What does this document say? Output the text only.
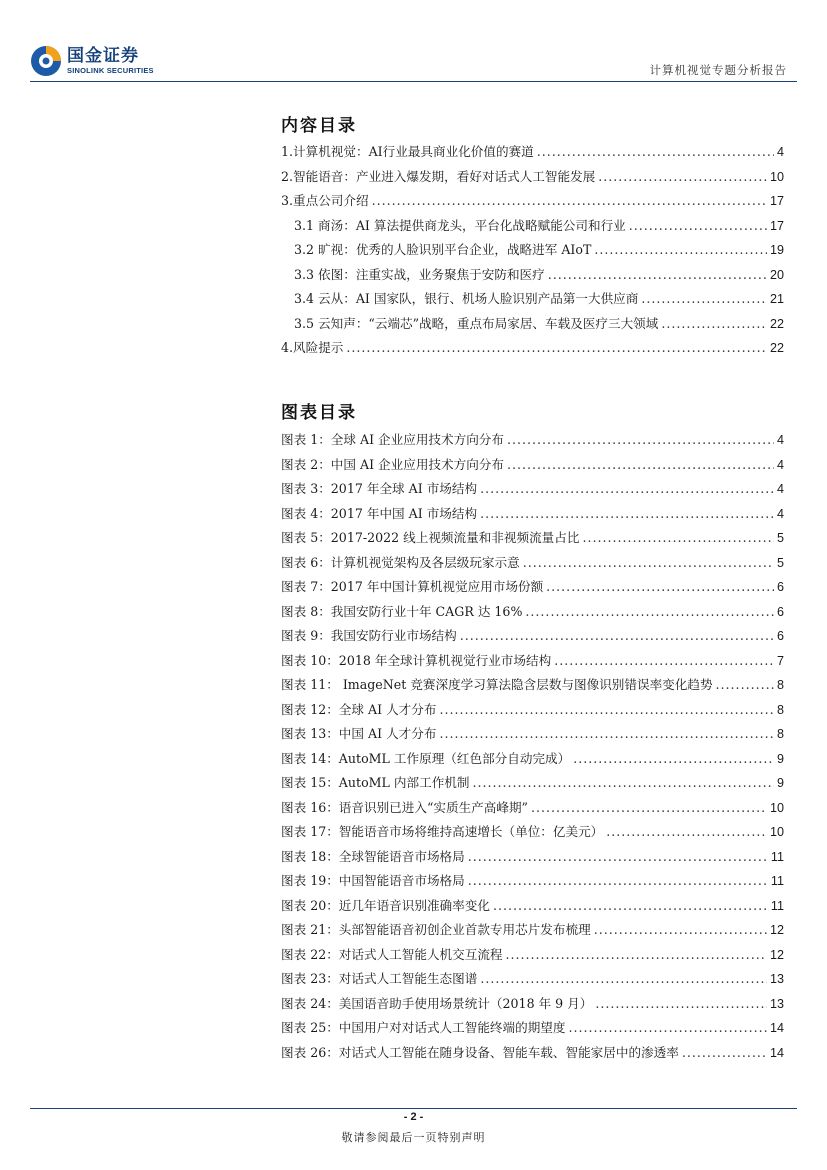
国金证券
SINOLINK SECURITIES	计算机视觉专题分析报告
内容目录
1.计算机视觉：AI行业最具商业化价值的赛道 .....	4
2.智能语音：产业进入爆发期，看好对话式人工智能发展 .....	10
3.重点公司介绍 .....	17
3.1 商汤：AI 算法提供商龙头，平台化战略赋能公司和行业 .....	17
3.2 旷视：优秀的人脸识别平台企业，战略进军 AIoT .....	19
3.3 依图：注重实战，业务聚焦于安防和医疗 .....	20
3.4 云从：AI 国家队，银行、机场人脸识别产品第一大供应商 .....	21
3.5 云知声：“云端芯”战略，重点布局家居、车载及医疗三大领域 .....	22
4.风险提示 .....	22
图表目录
图表 1：全球 AI 企业应用技术方向分布 .....	4
图表 2：中国 AI 企业应用技术方向分布 .....	4
图表 3：2017 年全球 AI 市场结构 .....	4
图表 4：2017 年中国 AI 市场结构 .....	4
图表 5：2017-2022 线上视频流量和非视频流量占比 .....	5
图表 6：计算机视觉架构及各层级玩家示意 .....	5
图表 7：2017 年中国计算机视觉应用市场份额 .....	6
图表 8：我国安防行业十年 CAGR 达 16% .....	6
图表 9：我国安防行业市场结构 .....	6
图表 10：2018 年全球计算机视觉行业市场结构 .....	7
图表 11： ImageNet 竞赛深度学习算法隐含层数与图像识别错误率变化趋势 .....	8
图表 12：全球 AI 人才分布 .....	8
图表 13：中国 AI 人才分布 .....	8
图表 14：AutoML 工作原理（红色部分自动完成） .....	9
图表 15：AutoML 内部工作机制 .....	9
图表 16：语音识别已进入“实质生产高峰期” .....	10
图表 17：智能语音市场将维持高速增长（单位：亿美元） .....	10
图表 18：全球智能语音市场格局 .....	11
图表 19：中国智能语音市场格局 .....	11
图表 20：近几年语音识别准确率变化 .....	11
图表 21：头部智能语音初创企业首款专用芯片发布梳理 .....	12
图表 22：对话式人工智能人机交互流程 .....	12
图表 23：对话式人工智能生态图谱 .....	13
图表 24：美国语音助手使用场景统计（2018 年 9 月） .....	13
图表 25：中国用户对对话式人工智能终端的期望度 .....	14
图表 26：对话式人工智能在随身设备、智能车载、智能家居中的渗透率 .....	14
- 2 -
敬请参阅最后一页特别声明
